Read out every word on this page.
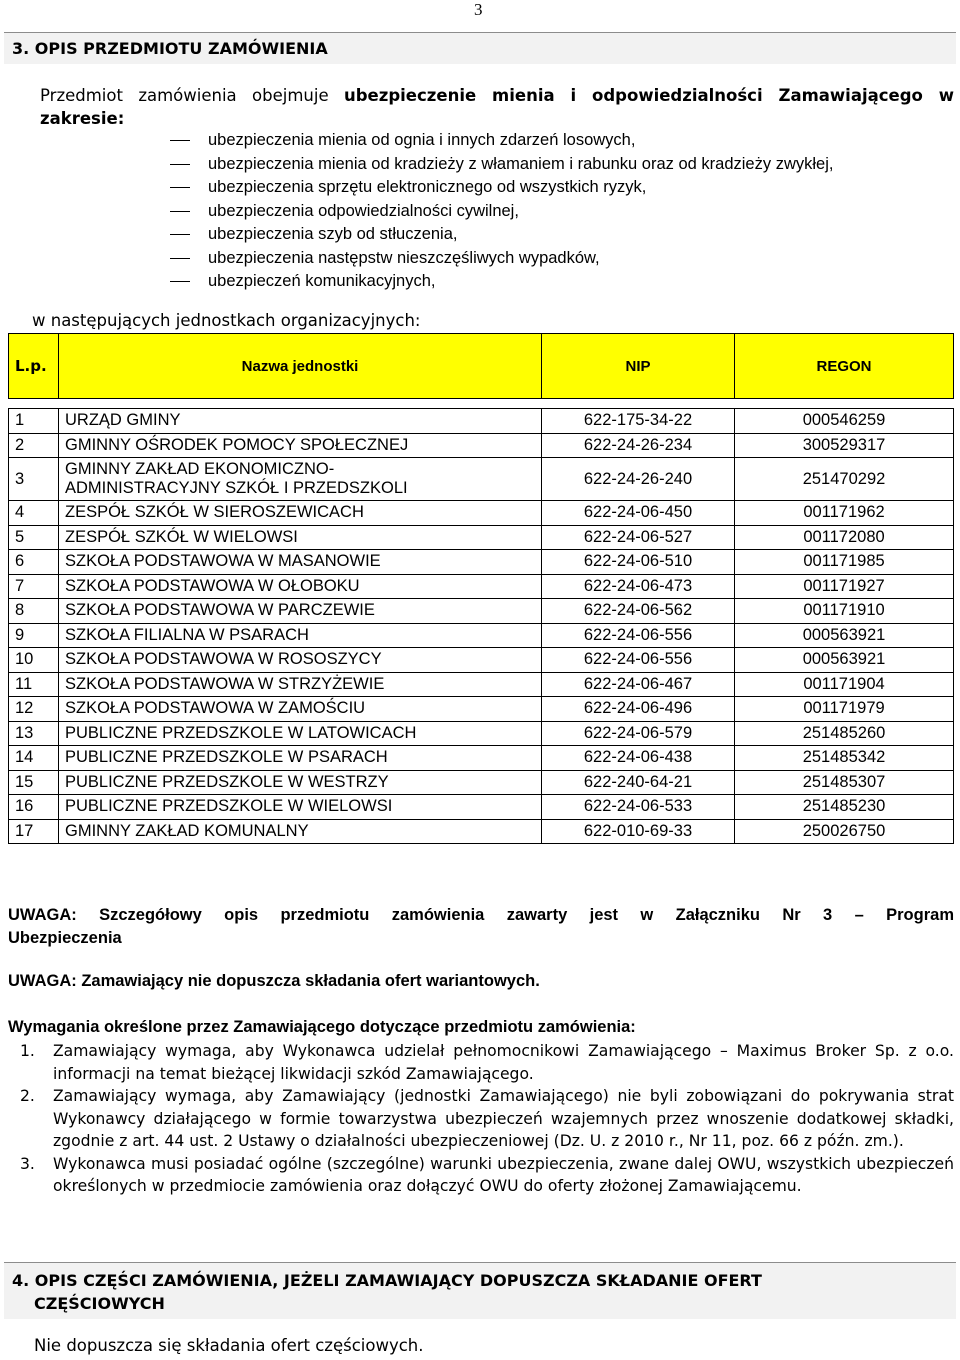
3
3. OPIS PRZEDMIOTU ZAMÓWIENIA
Przedmiot zamówienia obejmuje ubezpieczenie mienia i odpowiedzialności Zamawiającego w
zakresie:
ubezpieczenia mienia od ognia i innych zdarzeń losowych,
ubezpieczenia mienia od kradzieży z włamaniem i rabunku oraz od kradzieży zwykłej,
ubezpieczenia sprzętu elektronicznego od wszystkich ryzyk,
ubezpieczenia odpowiedzialności cywilnej,
ubezpieczenia szyb od stłuczenia,
ubezpieczenia następstw nieszczęśliwych wypadków,
ubezpieczeń komunikacyjnych,
w następujących jednostkach organizacyjnych:
L.p.	Nazwa jednostki	NIP	REGON

1	URZĄD GMINY	622-175-34-22	000546259
2	GMINNY OŚRODEK POMOCY SPOŁECZNEJ	622-24-26-234	300529317
3	GMINNY ZAKŁAD EKONOMICZNO-
ADMINISTRACYJNY SZKÓŁ I PRZEDSZKOLI	622-24-26-240	251470292
4	ZESPÓŁ SZKÓŁ W SIEROSZEWICACH	622-24-06-450	001171962
5	ZESPÓŁ SZKÓŁ W WIELOWSI	622-24-06-527	001172080
6	SZKOŁA PODSTAWOWA W MASANOWIE	622-24-06-510	001171985
7	SZKOŁA PODSTAWOWA W OŁOBOKU	622-24-06-473	001171927
8	SZKOŁA PODSTAWOWA W PARCZEWIE	622-24-06-562	001171910
9	SZKOŁA FILIALNA W PSARACH	622-24-06-556	000563921
10	SZKOŁA PODSTAWOWA W ROSOSZYCY	622-24-06-556	000563921
11	SZKOŁA PODSTAWOWA W STRZYŻEWIE	622-24-06-467	001171904
12	SZKOŁA PODSTAWOWA W ZAMOŚCIU	622-24-06-496	001171979
13	PUBLICZNE PRZEDSZKOLE W LATOWICACH	622-24-06-579	251485260
14	PUBLICZNE PRZEDSZKOLE W PSARACH	622-24-06-438	251485342
15	PUBLICZNE PRZEDSZKOLE W WESTRZY	622-240-64-21	251485307
16	PUBLICZNE PRZEDSZKOLE W WIELOWSI	622-24-06-533	251485230
17	GMINNY ZAKŁAD KOMUNALNY	622-010-69-33	250026750
UWAGA: Szczegółowy opis przedmiotu zamówienia zawarty jest w Załączniku Nr 3 – Program
Ubezpieczenia
UWAGA: Zamawiający nie dopuszcza składania ofert wariantowych.
Wymagania określone przez Zamawiającego dotyczące przedmiotu zamówienia:
1. Zamawiający wymaga, aby Wykonawca udzielał pełnomocnikowi Zamawiającego – Maximus Broker Sp. z o.o. informacji na temat bieżącej likwidacji szkód Zamawiającego.
2. Zamawiający wymaga, aby Zamawiający (jednostki Zamawiającego) nie byli zobowiązani do pokrywania strat Wykonawcy działającego w formie towarzystwa ubezpieczeń wzajemnych przez wnoszenie dodatkowej składki, zgodnie z art. 44 ust. 2 Ustawy o działalności ubezpieczeniowej (Dz. U. z 2010 r., Nr 11, poz. 66 z późn. zm.).
3. Wykonawca musi posiadać ogólne (szczególne) warunki ubezpieczenia, zwane dalej OWU, wszystkich ubezpieczeń określonych w przedmiocie zamówienia oraz dołączyć OWU do oferty złożonej Zamawiającemu.
4. OPIS CZĘŚCI ZAMÓWIENIA, JEŻELI ZAMAWIAJĄCY DOPUSZCZA SKŁADANIE OFERT
CZĘŚCIOWYCH
Nie dopuszcza się składania ofert częściowych.
